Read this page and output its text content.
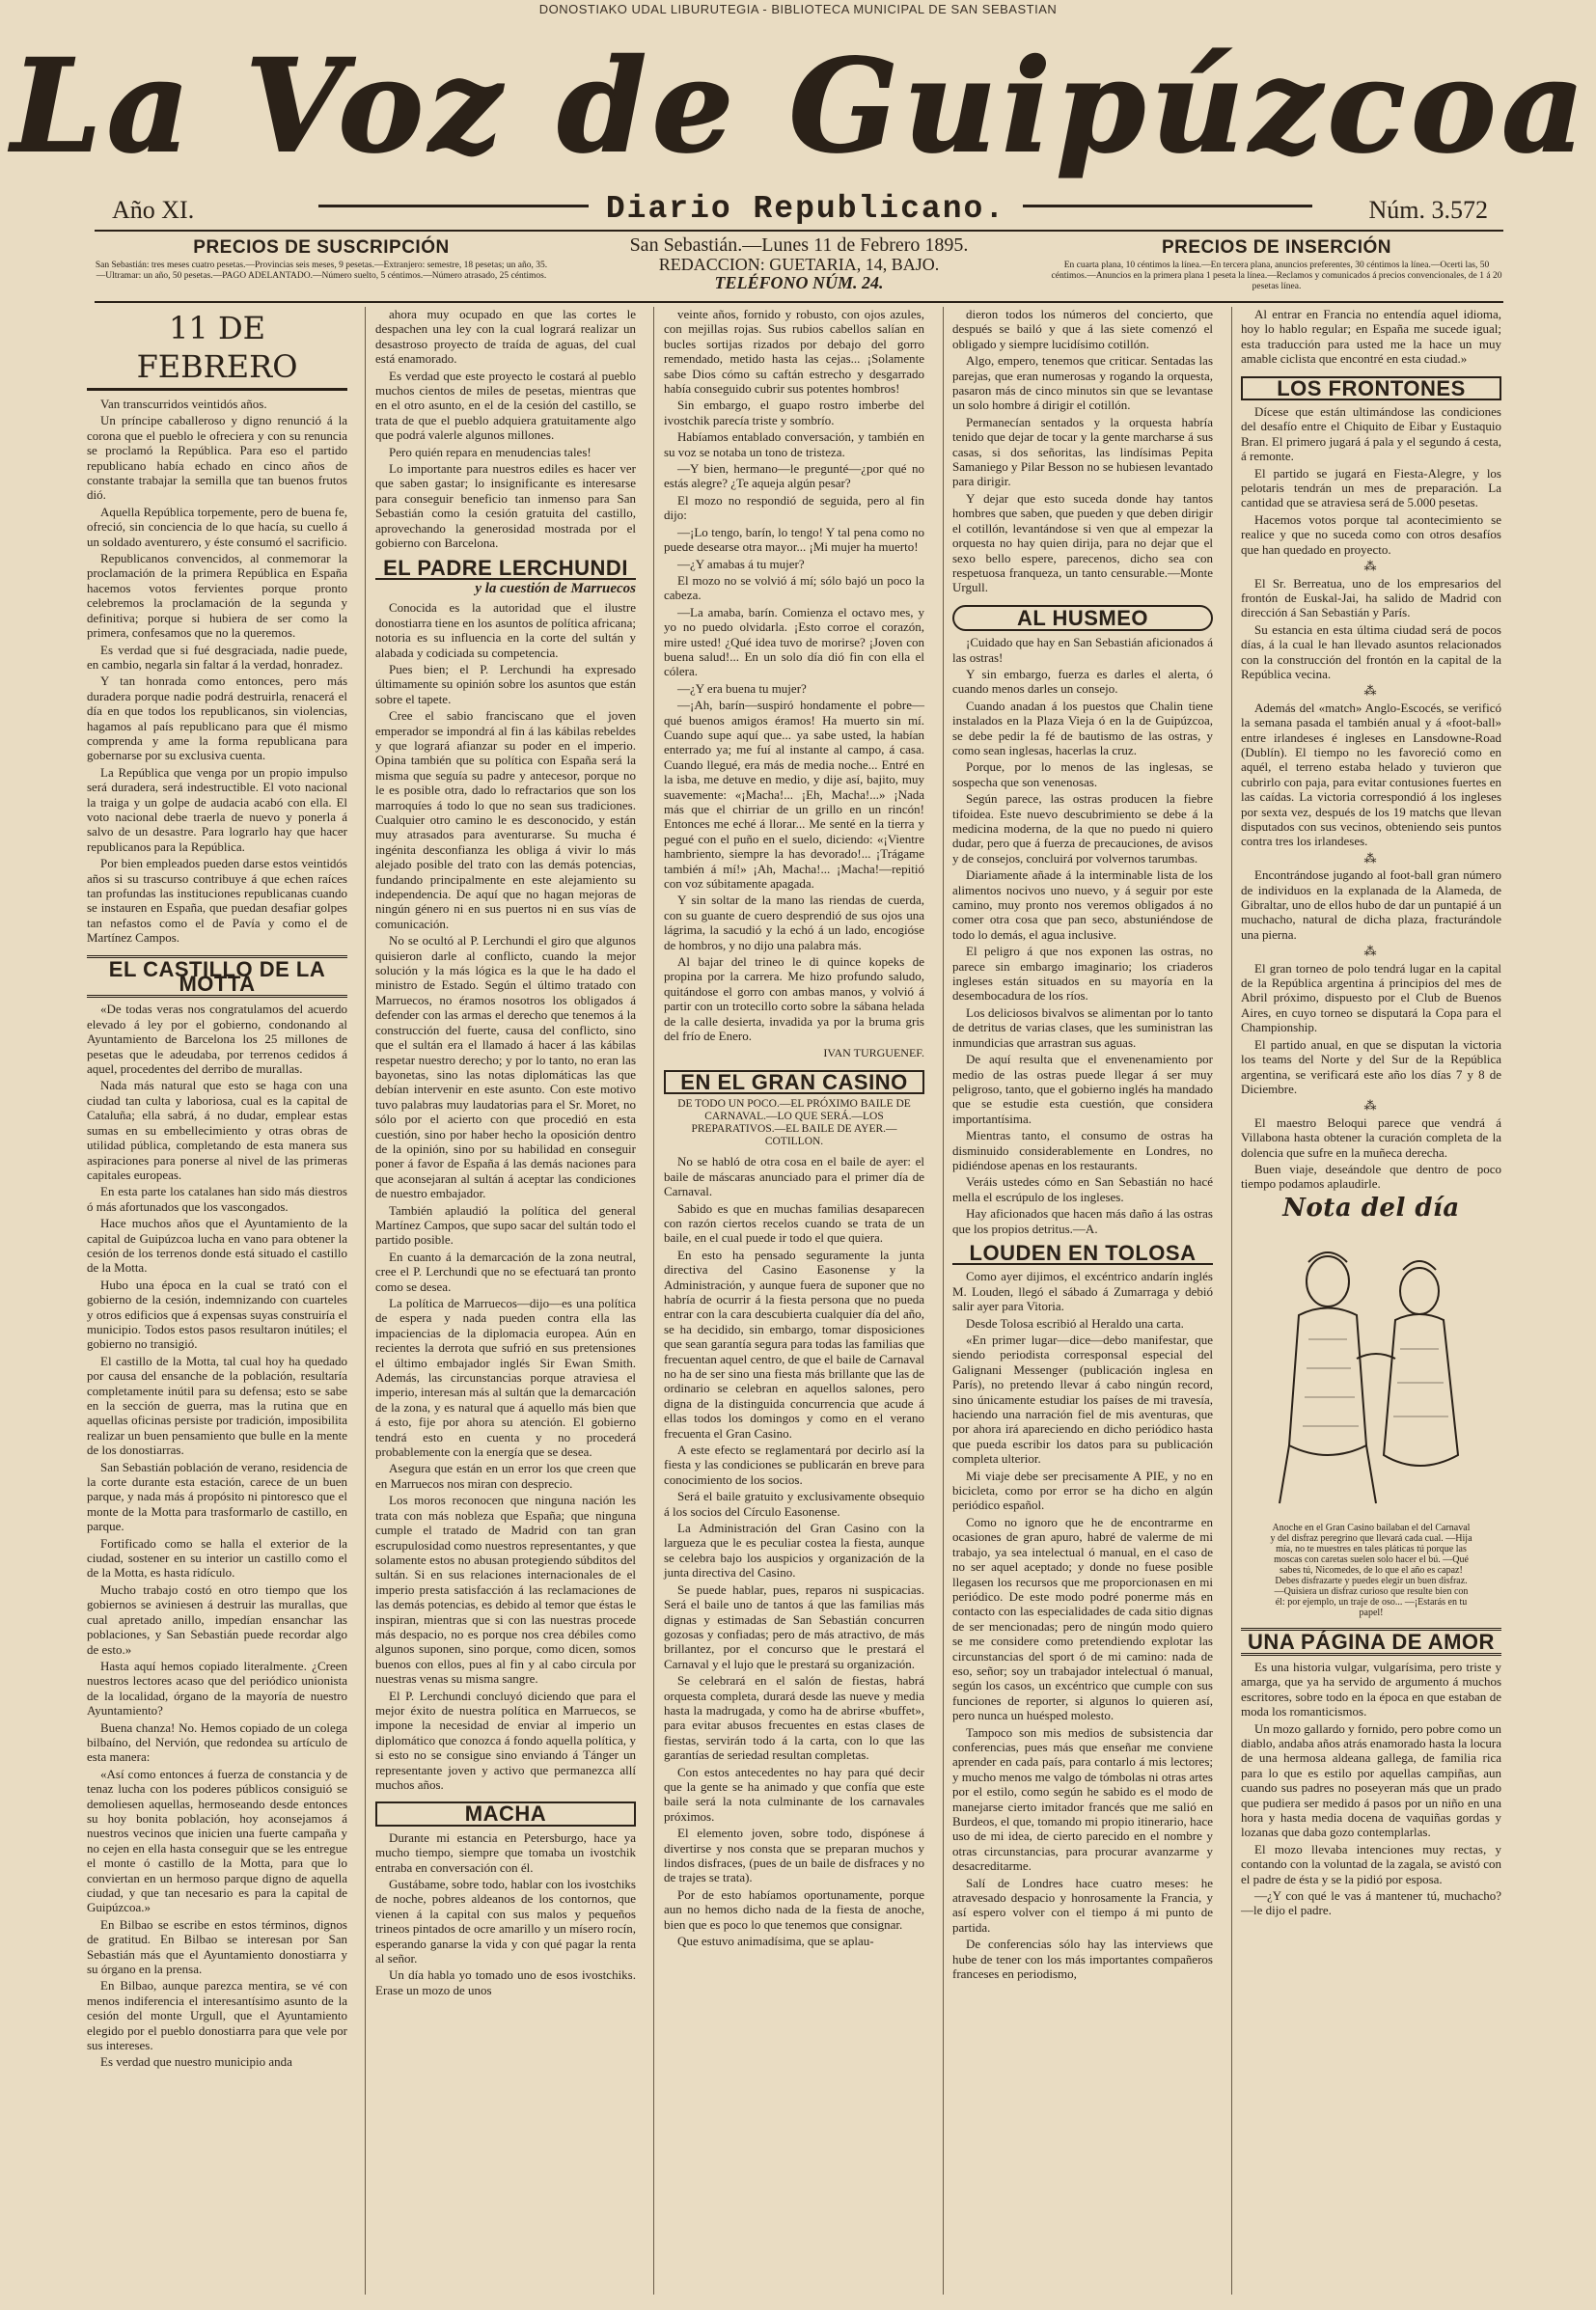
DONOSTIAKO UDAL LIBURUTEGIA - BIBLIOTECA MUNICIPAL DE SAN SEBASTIAN
La Voz de Guipúzcoa
Año XI.	Diario Republicano.	Núm. 3.572
PRECIOS DE SUSCRIPCIÓN
San Sebastián: tres meses cuatro pesetas.—Provincias seis meses, 9 pesetas.—Extranjero: semestre, 18 pesetas; un año, 35.—Ultramar: un año, 50 pesetas.—PAGO ADELANTADO.—Número suelto, 5 céntimos.—Número atrasado, 25 céntimos.
San Sebastián.—Lunes 11 de Febrero 1895.
REDACCION: GUETARIA, 14, BAJO.
TELÉFONO NÚM. 24.
PRECIOS DE INSERCIÓN
En cuarta plana, 10 céntimos la línea.—En tercera plana, anuncios preferentes, 30 céntimos la línea.—Ocerti las, 50 céntimos.—Anuncios en la primera plana 1 peseta la línea.—Reclamos y comunicados á precios convencionales, de 1 á 20 pesetas línea.
11 DE FEBRERO

Van transcurridos veintidós años.

Un príncipe caballeroso y digno renunció á la corona que el pueblo le ofreciera y con su renuncia se proclamó la República. Para eso el partido republicano había echado en cinco años de constante trabajar la semilla que tan buenos frutos dió.

Aquella República torpemente, pero de buena fe, ofreció, sin conciencia de lo que hacía, su cuello á un soldado aventurero, y éste consumó el sacrificio.

Republicanos convencidos, al conmemorar la proclamación de la primera República en España hacemos votos fervientes porque pronto celebremos la proclamación de la segunda y definitiva; porque si hubiera de ser como la primera, confesamos que no la queremos.

Es verdad que si fué desgraciada, nadie puede, en cambio, negarla sin faltar á la verdad, honradez.

Y tan honrada como entonces, pero más duradera porque nadie podrá destruirla, renacerá el día en que todos los republicanos, sin violencias, hagamos al país republicano para que él mismo comprenda y ame la forma republicana para gobernarse por su exclusiva cuenta.

La República que venga por un propio impulso será duradera, será indestructible. El voto nacional la traiga y un golpe de audacia acabó con ella. El voto nacional debe traerla de nuevo y ponerla á salvo de un desastre. Para lograrlo hay que hacer republicanos para la República.

Por bien empleados pueden darse estos veintidós años si su trascurso contribuye á que echen raíces tan profundas las instituciones republicanas cuando se instauren en España, que puedan desafiar golpes tan nefastos como el de Pavía y como el de Martínez Campos.

EL CASTILLO DE LA MOTTA

«De todas veras nos congratulamos del acuerdo elevado á ley por el gobierno, condonando al Ayuntamiento de Barcelona los 25 millones de pesetas que le adeudaba, por terrenos cedidos á aquel, procedentes del derribo de murallas.

Nada más natural que esto se haga con una ciudad tan culta y laboriosa, cual es la capital de Cataluña; ella sabrá, á no dudar, emplear estas sumas en su embellecimiento y otras obras de utilidad pública, completando de esta manera sus aspiraciones para ponerse al nivel de las primeras capitales europeas.

En esta parte los catalanes han sido más diestros ó más afortunados que los vascongados.

Hace muchos años que el Ayuntamiento de la capital de Guipúzcoa lucha en vano para obtener la cesión de los terrenos donde está situado el castillo de la Motta.

Hubo una época en la cual se trató con el gobierno de la cesión, indemnizando con cuarteles y otros edificios que á expensas suyas construiría el municipio. Todos estos pasos resultaron inútiles; el gobierno no transigió.

El castillo de la Motta, tal cual hoy ha quedado por causa del ensanche de la población, resultaría completamente inútil para su defensa; esto se sabe en la sección de guerra, mas la rutina que en aquellas oficinas persiste por tradición, imposibilita realizar un buen pensamiento que bulle en la mente de los donostiarras.

San Sebastián población de verano, residencia de la corte durante esta estación, carece de un buen parque, y nada más á propósito ni pintoresco que el monte de la Motta para trasformarlo de castillo, en parque.

Fortificado como se halla el exterior de la ciudad, sostener en su interior un castillo como el de la Motta, es hasta ridículo.

Mucho trabajo costó en otro tiempo que los gobiernos se aviniesen á destruir las murallas, que cual apretado anillo, impedían ensanchar las poblaciones, y San Sebastián puede recordar algo de esto.»

Hasta aquí hemos copiado literalmente. ¿Creen nuestros lectores acaso que del periódico unionista de la localidad, órgano de la mayoría de nuestro Ayuntamiento?

Buena chanza! No. Hemos copiado de un colega bilbaíno, del Nervión, que redondea su artículo de esta manera:

«Así como entonces á fuerza de constancia y de tenaz lucha con los poderes públicos consiguió se demoliesen aquellas, hermoseando desde entonces su hoy bonita población, hoy aconsejamos á nuestros vecinos que inicien una fuerte campaña y no cejen en ella hasta conseguir que se les entregue el monte ó castillo de la Motta, para que lo conviertan en un hermoso parque digno de aquella ciudad, y que tan necesario es para la capital de Guipúzcoa.»

En Bilbao se escribe en estos términos, dignos de gratitud. En Bilbao se interesan por San Sebastián más que el Ayuntamiento donostiarra y su órgano en la prensa.

En Bilbao, aunque parezca mentira, se vé con menos indiferencia el interesantísimo asunto de la cesión del monte Urgull, que el Ayuntamiento elegido por el pueblo donostiarra para que vele por sus intereses.

Es verdad que nuestro municipio anda

ahora muy ocupado en que las cortes le despachen una ley con la cual logrará realizar un desastroso proyecto de traída de aguas, del cual está enamorado.

Es verdad que este proyecto le costará al pueblo muchos cientos de miles de pesetas, mientras que en el otro asunto, en el de la cesión del castillo, se trata de que el pueblo adquiera gratuitamente algo que podrá valerle algunos millones.

Pero quién repara en menudencias tales!

Lo importante para nuestros ediles es hacer ver que saben gastar; lo insignificante es interesarse para conseguir beneficio tan inmenso para San Sebastián como la cesión gratuita del castillo, aprovechando la generosidad mostrada por el gobierno con Barcelona.

EL PADRE LERCHUNDI
y la cuestión de Marruecos

Conocida es la autoridad que el ilustre donostiarra tiene en los asuntos de política africana; notoria es su influencia en la corte del sultán y alabada y codiciada su competencia.

Pues bien; el P. Lerchundi ha expresado últimamente su opinión sobre los asuntos que están sobre el tapete.

Cree el sabio franciscano que el joven emperador se impondrá al fin á las kábilas rebeldes y que logrará afianzar su poder en el imperio. Opina también que su política con España será la misma que seguía su padre y antecesor, porque no le es posible otra, dado lo refractarios que son los marroquíes á todo lo que no sean sus tradiciones. Cualquier otro camino le es desconocido, y están muy atrasados para aventurarse. Su mucha é ingénita desconfianza les obliga á vivir lo más alejado posible del trato con las demás potencias, fundando principalmente en este alejamiento su independencia. De aquí que no hagan mejoras de ningún género ni en sus puertos ni en sus vías de comunicación.

No se ocultó al P. Lerchundi el giro que algunos quisieron darle al conflicto, cuando la mejor solución y la más lógica es la que le ha dado el ministro de Estado. Según el último tratado con Marruecos, no éramos nosotros los obligados á defender con las armas el derecho que tenemos á la construcción del fuerte, causa del conflicto, sino que el sultán era el llamado á hacer á las kábilas respetar nuestro derecho; y por lo tanto, no eran las bayonetas, sino las notas diplomáticas las que debían intervenir en este asunto. Con este motivo tuvo palabras muy laudatorias para el Sr. Moret, no sólo por el acierto con que procedió en esta cuestión, sino por haber hecho la oposición dentro de la opinión, sino por su habilidad en conseguir poner á favor de España á las demás naciones para que aconsejaran al sultán á aceptar las condiciones de nuestro embajador.

También aplaudió la política del general Martínez Campos, que supo sacar del sultán todo el partido posible.

En cuanto á la demarcación de la zona neutral, cree el P. Lerchundi que no se efectuará tan pronto como se desea.

La política de Marruecos—dijo—es una política de espera y nada pueden contra ella las impaciencias de la diplomacia europea. Aún en recientes la derrota que sufrió en sus pretensiones el último embajador inglés Sir Ewan Smith. Además, las circunstancias porque atraviesa el imperio, interesan más al sultán que la demarcación de la zona, y es natural que á aquello más bien que á esto, fije por ahora su atención. El gobierno tendrá esto en cuenta y no procederá probablemente con la energía que se desea.

Asegura que están en un error los que creen que en Marruecos nos miran con desprecio.

Los moros reconocen que ninguna nación les trata con más nobleza que España; que ninguna cumple el tratado de Madrid con tan gran escrupulosidad como nuestros representantes, y que solamente estos no abusan protegiendo súbditos del sultán. Si en sus relaciones internacionales de el imperio presta satisfacción á las reclamaciones de las demás potencias, es debido al temor que éstas le inspiran, mientras que si con las nuestras procede más despacio, no es porque nos crea débiles como algunos suponen, sino porque, como dicen, somos buenos con ellos, pues al fin y al cabo circula por nuestras venas su misma sangre.

El P. Lerchundi concluyó diciendo que para el mejor éxito de nuestra política en Marruecos, se impone la necesidad de enviar al imperio un diplomático que conozca á fondo aquella política, y si esto no se consigue sino enviando á Tánger un representante joven y activo que permanezca allí muchos años.

MACHA

Durante mi estancia en Petersburgo, hace ya mucho tiempo, siempre que tomaba un ivostchik entraba en conversación con él.

Gustábame, sobre todo, hablar con los ivostchiks de noche, pobres aldeanos de los contornos, que vienen á la capital con sus malos y pequeños trineos pintados de ocre amarillo y un mísero rocín, esperando ganarse la vida y con qué pagar la renta al señor.

Un día habla yo tomado uno de esos ivostchiks. Erase un mozo de unos

veinte años, fornido y robusto, con ojos azules, con mejillas rojas. Sus rubios cabellos salían en bucles sortijas rizados por debajo del gorro remendado, metido hasta las cejas... ¡Solamente sabe Dios cómo su caftán estrecho y desgarrado había conseguido cubrir sus potentes hombros!

Sin embargo, el guapo rostro imberbe del ivostchik parecía triste y sombrío.

Habíamos entablado conversación, y también en su voz se notaba un tono de tristeza.

—Y bien, hermano—le pregunté—¿por qué no estás alegre? ¿Te aqueja algún pesar?

El mozo no respondió de seguida, pero al fin dijo:

—¡Lo tengo, barín, lo tengo! Y tal pena como no puede desearse otra mayor... ¡Mi mujer ha muerto!

—¿Y amabas á tu mujer?

El mozo no se volvió á mí; sólo bajó un poco la cabeza.

—La amaba, barín. Comienza el octavo mes, y yo no puedo olvidarla. ¡Esto corroe el corazón, mire usted! ¿Qué idea tuvo de morirse? ¡Joven con buena salud!... En un solo día dió fin con ella el cólera.

—¿Y era buena tu mujer?

—¡Ah, barín—suspiró hondamente el pobre—qué buenos amigos éramos! Ha muerto sin mí. Cuando supe aquí que... ya sabe usted, la habían enterrado ya; me fuí al instante al campo, á casa. Cuando llegué, era más de media noche... Entré en la isba, me detuve en medio, y dije así, bajito, muy suavemente: «¡Macha!... ¡Eh, Macha!...» ¡Nada más que el chirriar de un grillo en un rincón! Entonces me eché á llorar... Me senté en la tierra y pegué con el puño en el suelo, diciendo: «¡Vientre hambriento, siempre la has devorado!... ¡Trágame también á mí!» ¡Ah, Macha!... ¡Macha!—repitió con voz súbitamente apagada.

Y sin soltar de la mano las riendas de cuerda, con su guante de cuero desprendió de sus ojos una lágrima, la sacudió y la echó á un lado, encogióse de hombros, y no dijo una palabra más.

Al bajar del trineo le di quince kopeks de propina por la carrera. Me hizo profundo saludo, quitándose el gorro con ambas manos, y volvió á partir con un trotecillo corto sobre la sábana helada de la calle desierta, invadida ya por la bruma gris del frío de Enero.

IVAN TURGUENEF.
EN EL GRAN CASINO
DE TODO UN POCO.—EL PRÓXIMO BAILE DE CARNAVAL.—LO QUE SERÁ.—LOS PREPARATIVOS.—EL BAILE DE AYER.—COTILLON.

No se habló de otra cosa en el baile de ayer: el baile de máscaras anunciado para el primer día de Carnaval.

Sabido es que en muchas familias desaparecen con razón ciertos recelos cuando se trata de un baile, en el cual puede ir todo el que quiera.

En esto ha pensado seguramente la junta directiva del Casino Easonense y la Administración, y aunque fuera de suponer que no habría de ocurrir á la fiesta persona que no pueda entrar con la cara descubierta cualquier día del año, se ha decidido, sin embargo, tomar disposiciones que sean garantía segura para todas las familias que frecuentan aquel centro, de que el baile de Carnaval no ha de ser sino una fiesta más brillante que las de ordinario se celebran en aquellos salones, pero digna de la distinguida concurrencia que acude á ellas todos los domingos y como en el verano frecuenta el Gran Casino.

A este efecto se reglamentará por decirlo así la fiesta y las condiciones se publicarán en breve para conocimiento de los socios.

Será el baile gratuito y exclusivamente obsequio á los socios del Círculo Easonense.

La Administración del Gran Casino con la largueza que le es peculiar costea la fiesta, aunque se celebra bajo los auspicios y organización de la junta directiva del Casino.

Se puede hablar, pues, reparos ni suspicacias. Será el baile uno de tantos á que las familias más dignas y estimadas de San Sebastián concurren gozosas y confiadas; pero de más atractivo, de más brillantez, por el concurso que le prestará el Carnaval y el lujo que le prestará su organización.

Se celebrará en el salón de fiestas, habrá orquesta completa, durará desde las nueve y media hasta la madrugada, y como ha de abrirse «buffet», para evitar abusos frecuentes en estas clases de fiestas, servirán todo á la carta, con lo que las garantías de seriedad resultan completas.

Con estos antecedentes no hay para qué decir que la gente se ha animado y que confía que este baile será la nota culminante de los carnavales próximos.

El elemento joven, sobre todo, dispónese á divertirse y nos consta que se preparan muchos y lindos disfraces, (pues de un baile de disfraces y no de trajes se trata).

Por de esto habíamos oportunamente, porque aun no hemos dicho nada de la fiesta de anoche, bien que es poco lo que tenemos que consignar.

Que estuvo animadísima, que se aplau-

dieron todos los números del concierto, que después se bailó y que á las siete comenzó el obligado y siempre lucidísimo cotillón.

Algo, empero, tenemos que criticar. Sentadas las parejas, que eran numerosas y rogando la orquesta, pasaron más de cinco minutos sin que se levantase un solo hombre á dirigir el cotillón.

Permanecían sentados y la orquesta habría tenido que dejar de tocar y la gente marcharse á sus casas, si dos señoritas, las lindísimas Pepita Samaniego y Pilar Besson no se hubiesen levantado para dirigir.

Y dejar que esto suceda donde hay tantos hombres que saben, que pueden y que deben dirigir el cotillón, levantándose si ven que al empezar la orquesta no hay quien dirija, para no dejar que el sexo bello espere, parecenos, dicho sea con respetuosa franqueza, un tanto censurable.—Monte Urgull.

AL HUSMEO

¡Cuidado que hay en San Sebastián aficionados á las ostras!

Y sin embargo, fuerza es darles el alerta, ó cuando menos darles un consejo.

Cuando anadan á los puestos que Chalin tiene instalados en la Plaza Vieja ó en la de Guipúzcoa, se debe pedir la fé de bautismo de las ostras, y como sean inglesas, hacerlas la cruz.

Porque, por lo menos de las inglesas, se sospecha que son venenosas.

Según parece, las ostras producen la fiebre tifoidea. Este nuevo descubrimiento se debe á la medicina moderna, de la que no puedo ni quiero dudar, pero que á fuerza de precauciones, de avisos y de consejos, concluirá por volvernos tarumbas.

Diariamente añade á la interminable lista de los alimentos nocivos uno nuevo, y á seguir por este camino, muy pronto nos veremos obligados á no comer otra cosa que pan seco, abstuniéndose de todo lo demás, el agua inclusive.

El peligro á que nos exponen las ostras, no parece sin embargo imaginario; los criaderos ingleses están situados en su mayoría en la desembocadura de los ríos.

Los deliciosos bivalvos se alimentan por lo tanto de detritus de varias clases, que les suministran las inmundicias que arrastran sus aguas.

De aquí resulta que el envenenamiento por medio de las ostras puede llegar á ser muy peligroso, tanto, que el gobierno inglés ha mandado que se estudie esta cuestión, que considera importantísima.

Mientras tanto, el consumo de ostras ha disminuido considerablemente en Londres, no pidiéndose apenas en los restaurants.

Veráis ustedes cómo en San Sebastián no hacé mella el escrúpulo de los ingleses.

Hay aficionados que hacen más daño á las ostras que los propios detritus.—A.

LOUDEN EN TOLOSA

Como ayer dijimos, el excéntrico andarín inglés M. Louden, llegó el sábado á Zumarraga y debió salir ayer para Vitoria.

Desde Tolosa escribió al Heraldo una carta.

«En primer lugar—dice—debo manifestar, que siendo periodista corresponsal especial del Galignani Messenger (publicación inglesa en París), no pretendo llevar á cabo ningún record, sino únicamente estudiar los países de mi travesía, haciendo una narración fiel de mis aventuras, que por ahora irá apareciendo en dicho periódico hasta que pueda escribir los datos para su publicación completa ulterior.

Mi viaje debe ser precisamente A PIE, y no en bicicleta, como por error se ha dicho en algún periódico español.

Como no ignoro que he de encontrarme en ocasiones de gran apuro, habré de valerme de mi trabajo, ya sea intelectual ó manual, en el caso de no ser aquel aceptado; y donde no fuese posible llegasen los recursos que me proporcionasen en mi periódico. De este modo podré ponerme más en contacto con las especialidades de cada sitio dignas de ser mencionadas; pero de ningún modo quiero se me considere como pretendiendo explotar las circunstancias del sport ó de mi camino: nada de eso, señor; soy un trabajador intelectual ó manual, según los casos, un excéntrico que cumple con sus funciones de reporter, si algunos lo quieren así, pero nunca un huésped molesto.

Tampoco son mis medios de subsistencia dar conferencias, pues más que enseñar me conviene aprender en cada país, para contarlo á mis lectores; y mucho menos me valgo de tómbolas ni otras artes por el estilo, como según he sabido es el modo de manejarse cierto imitador francés que me salió en Burdeos, el que, tomando mi propio itinerario, hace uso de mi idea, de cierto parecido en el nombre y otras circunstancias, para procurar avanzarme y desacreditarme.

Salí de Londres hace cuatro meses: he atravesado despacio y honrosamente la Francia, y así espero volver con el tiempo á mi punto de partida.

De conferencias sólo hay las interviews que hube de tener con los más importantes compañeros franceses en periodismo,

Al entrar en Francia no entendía aquel idioma, hoy lo hablo regular; en España me sucede igual; esta traducción para usted me la hace un muy amable ciclista que encontré en esta ciudad.»

LOS FRONTONES

Dícese que están ultimándose las condiciones del desafío entre el Chiquito de Eibar y Eustaquio Bran. El primero jugará á pala y el segundo á cesta, á remonte.

El partido se jugará en Fiesta-Alegre, y los pelotaris tendrán un mes de preparación. La cantidad que se atraviesa será de 5.000 pesetas.

Hacemos votos porque tal acontecimiento se realice y que no suceda como con otros desafíos que han quedado en proyecto.

⁂

El Sr. Berreatua, uno de los empresarios del frontón de Euskal-Jai, ha salido de Madrid con dirección á San Sebastián y París.

Su estancia en esta última ciudad será de pocos días, á la cual le han llevado asuntos relacionados con la construcción del frontón en la capital de la República vecina.

⁂

Además del «match» Anglo-Escocés, se verificó la semana pasada el también anual y á «foot-ball» entre irlandeses é ingleses en Lansdowne-Road (Dublín). El tiempo no les favoreció como en aquél, el terreno estaba helado y tuvieron que cubrirlo con paja, para evitar contusiones fuertes en las caídas. La victoria correspondió á los ingleses por sexta vez, después de los 19 matchs que llevan disputados con sus vecinos, obteniendo seis puntos contra tres los irlandeses.

⁂

Encontrándose jugando al foot-ball gran número de individuos en la explanada de la Alameda, de Gibraltar, uno de ellos hubo de dar un puntapié á un muchacho, natural de dicha plaza, fracturándole una pierna.

⁂

El gran torneo de polo tendrá lugar en la capital de la República argentina á principios del mes de Abril próximo, dispuesto por el Club de Buenos Aires, en cuyo torneo se disputará la Copa para el Championship.

El partido anual, en que se disputan la victoria los teams del Norte y del Sur de la República argentina, se verificará este año los días 7 y 8 de Diciembre.

⁂

El maestro Beloqui parece que vendrá á Villabona hasta obtener la curación completa de la dolencia que sufre en la muñeca derecha.

Buen viaje, deseándole que dentro de poco tiempo podamos aplaudirle.

Nota del día
Anoche en el Gran Casino bailaban el del Carnaval y del disfraz peregrino que llevará cada cual. —Hija mía, no te muestres en tales pláticas tú porque las moscas con caretas suelen solo hacer el bú. —Qué sabes tú, Nicomedes, de lo que el año es capaz! Debes disfrazarte y puedes elegir un buen disfraz. —Quisiera un disfraz curioso que resulte bien con él: por ejemplo, un traje de oso... —¡Estarás en tu papel!
UNA PÁGINA DE AMOR

Es una historia vulgar, vulgarísima, pero triste y amarga, que ya ha servido de argumento á muchos escritores, sobre todo en la época en que estaban de moda los romanticismos.

Un mozo gallardo y fornido, pero pobre como un diablo, andaba años atrás enamorado hasta la locura de una hermosa aldeana gallega, de familia rica para lo que es estilo por aquellas campiñas, aun cuando sus padres no poseyeran más que un prado que pudiera ser medido á pasos por un niño en una hora y hasta media docena de vaquiñas gordas y lozanas que daba gozo contemplarlas.

El mozo llevaba intenciones muy rectas, y contando con la voluntad de la zagala, se avistó con el padre de ésta y se la pidió por esposa.

—¿Y con qué le vas á mantener tú, muchacho?—le dijo el padre.
